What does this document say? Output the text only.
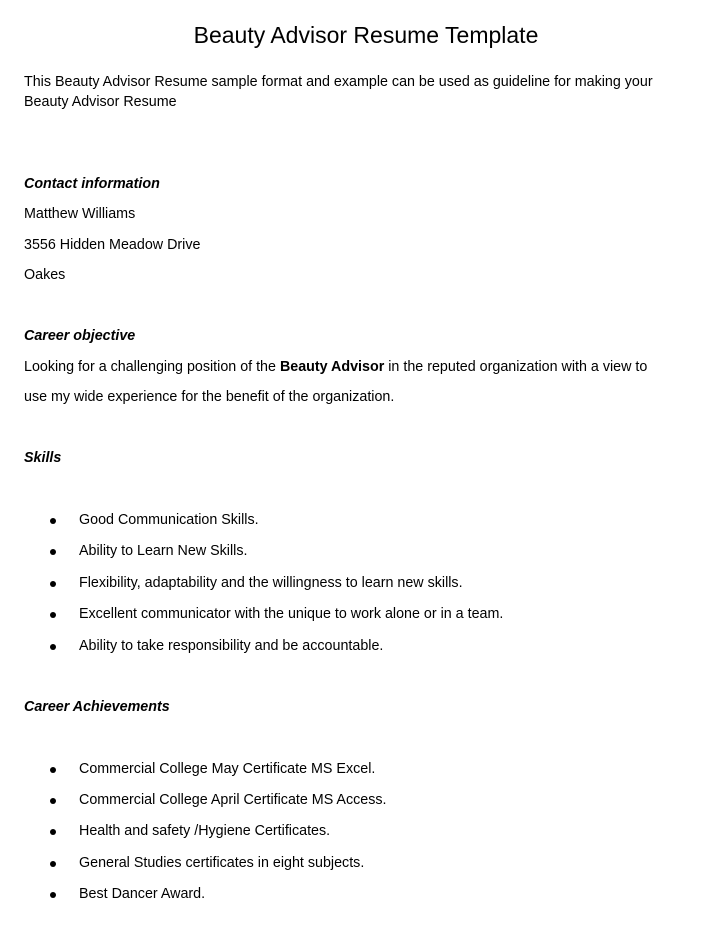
Beauty Advisor Resume Template
This Beauty Advisor Resume sample format and example can be used as guideline for making your
Beauty Advisor Resume
Contact information
Matthew Williams
3556 Hidden Meadow Drive
Oakes
Career objective
Looking for a challenging position of the Beauty Advisor in the reputed organization with a view to
use my wide experience for the benefit of the organization.
Skills
Good Communication Skills.
Ability to Learn New Skills.
Flexibility, adaptability and the willingness to learn new skills.
Excellent communicator with the unique to work alone or in a team.
Ability to take responsibility and be accountable.
Career Achievements
Commercial College May Certificate MS Excel.
Commercial College April Certificate MS Access.
Health and safety /Hygiene Certificates.
General Studies certificates in eight subjects.
Best Dancer Award.
